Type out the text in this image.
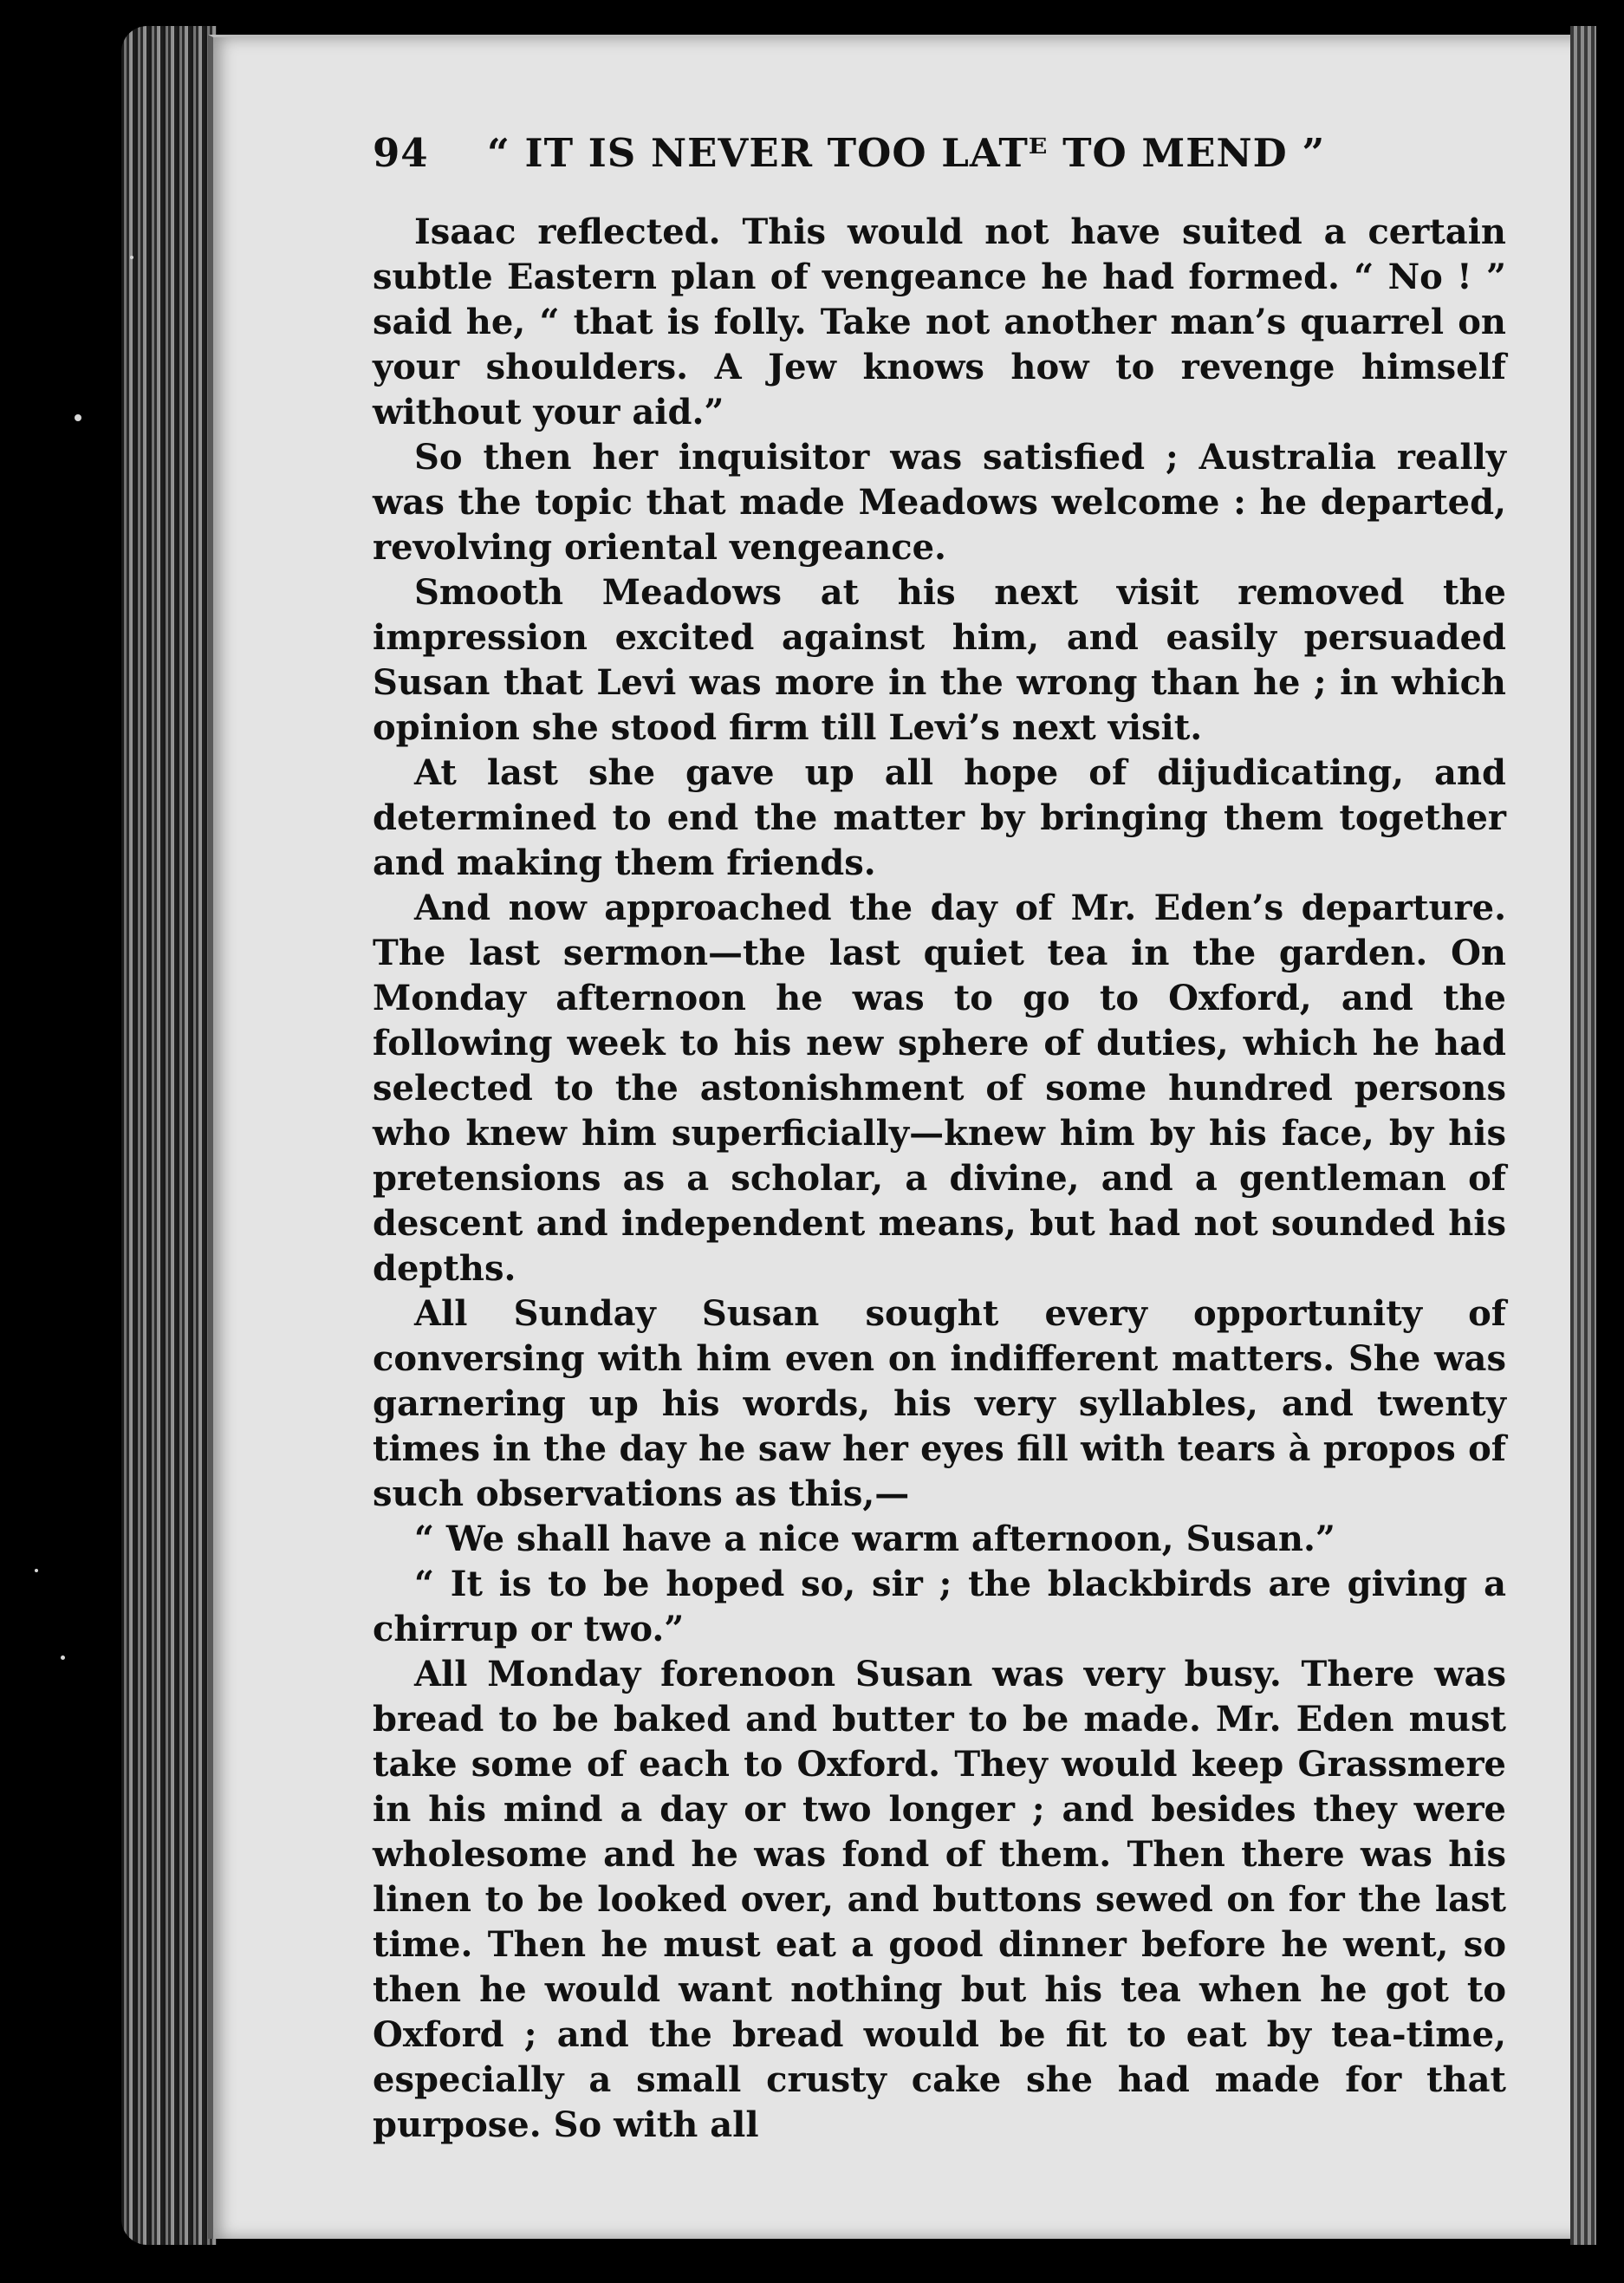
94	“ IT IS NEVER TOO LATᴱ TO MEND ”

Isaac reflected. This would not have suited a certain subtle Eastern plan of vengeance he had formed. “ No ! ” said he, “ that is folly. Take not another man’s quarrel on your shoulders. A Jew knows how to revenge himself without your aid.”

So then her inquisitor was satisfied ; Australia really was the topic that made Meadows welcome : he departed, revolving oriental vengeance.

Smooth Meadows at his next visit removed the impression excited against him, and easily persuaded Susan that Levi was more in the wrong than he ; in which opinion she stood firm till Levi’s next visit.

At last she gave up all hope of dijudicating, and determined to end the matter by bringing them together and making them friends.

And now approached the day of Mr. Eden’s departure. The last sermon—the last quiet tea in the garden. On Monday afternoon he was to go to Oxford, and the following week to his new sphere of duties, which he had selected to the astonishment of some hundred persons who knew him superficially—knew him by his face, by his pretensions as a scholar, a divine, and a gentleman of descent and independent means, but had not sounded his depths.

All Sunday Susan sought every opportunity of conversing with him even on indifferent matters. She was garnering up his words, his very syllables, and twenty times in the day he saw her eyes fill with tears à propos of such observations as this,—

“ We shall have a nice warm afternoon, Susan.”

“ It is to be hoped so, sir ; the blackbirds are giving a chirrup or two.”

All Monday forenoon Susan was very busy. There was bread to be baked and butter to be made. Mr. Eden must take some of each to Oxford. They would keep Grassmere in his mind a day or two longer ; and besides they were wholesome and he was fond of them. Then there was his linen to be looked over, and buttons sewed on for the last time. Then he must eat a good dinner before he went, so then he would want nothing but his tea when he got to Oxford ; and the bread would be fit to eat by tea-time, especially a small crusty cake she had made for that purpose. So with all
